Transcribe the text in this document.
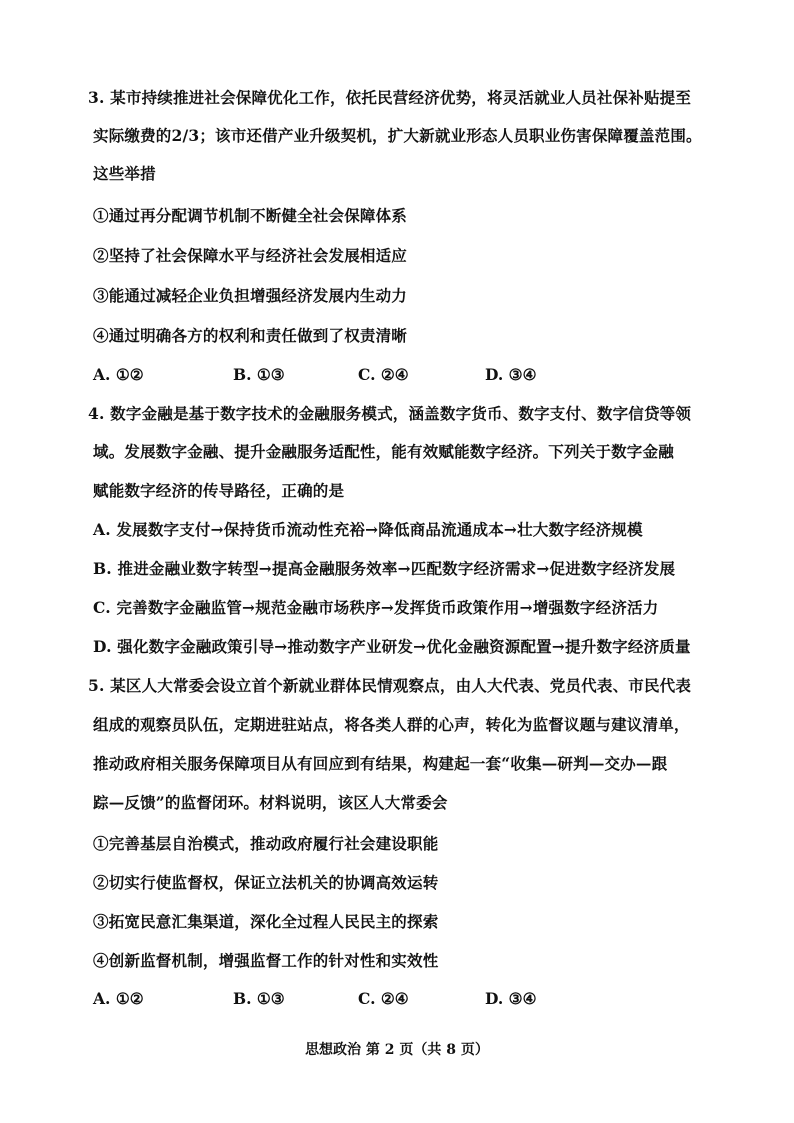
3. 某市持续推进社会保障优化工作，依托民营经济优势，将灵活就业人员社保补贴提至
实际缴费的2/3；该市还借产业升级契机，扩大新就业形态人员职业伤害保障覆盖范围。
这些举措
①通过再分配调节机制不断健全社会保障体系
②坚持了社会保障水平与经济社会发展相适应
③能通过减轻企业负担增强经济发展内生动力
④通过明确各方的权利和责任做到了权责清晰
A. ①②	B. ①③	C. ②④	D. ③④
4. 数字金融是基于数字技术的金融服务模式，涵盖数字货币、数字支付、数字信贷等领
域。发展数字金融、提升金融服务适配性，能有效赋能数字经济。下列关于数字金融
赋能数字经济的传导路径，正确的是
A. 发展数字支付→保持货币流动性充裕→降低商品流通成本→壮大数字经济规模
B. 推进金融业数字转型→提高金融服务效率→匹配数字经济需求→促进数字经济发展
C. 完善数字金融监管→规范金融市场秩序→发挥货币政策作用→增强数字经济活力
D. 强化数字金融政策引导→推动数字产业研发→优化金融资源配置→提升数字经济质量
5. 某区人大常委会设立首个新就业群体民情观察点，由人大代表、党员代表、市民代表
组成的观察员队伍，定期进驻站点，将各类人群的心声，转化为监督议题与建议清单，
推动政府相关服务保障项目从有回应到有结果，构建起一套“收集—研判—交办—跟
踪—反馈”的监督闭环。材料说明，该区人大常委会
①完善基层自治模式，推动政府履行社会建设职能
②切实行使监督权，保证立法机关的协调高效运转
③拓宽民意汇集渠道，深化全过程人民民主的探索
④创新监督机制，增强监督工作的针对性和实效性
A. ①②	B. ①③	C. ②④	D. ③④
思想政治 第 2 页（共 8 页）
